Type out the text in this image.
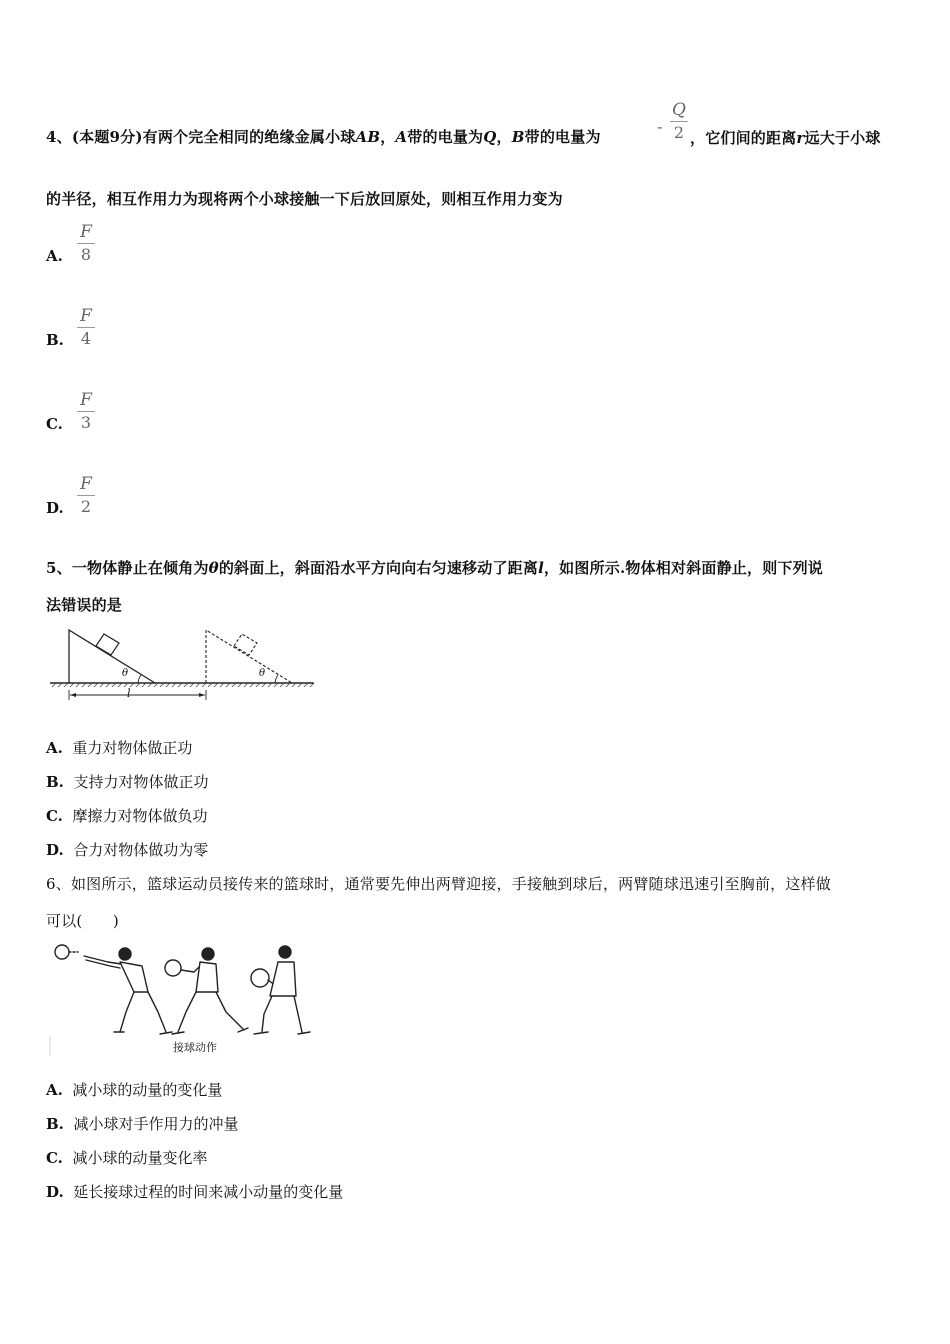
4、(本题9分)有两个完全相同的绝缘金属小球AB，A带的电量为Q，B带的电量为
-
Q
2 ，它们间的距离r远大于小球
的半径，相互作用力为现将两个小球接触一下后放回原处，则相互作用力变为
A.
F
8
B.
F
4
C.
F
3
D.
F
2
5、一物体静止在倾角为θ的斜面上，斜面沿水平方向向右匀速移动了距离l，如图所示.物体相对斜面静止，则下列说
法错误的是
θ	θ
l
A. 重力对物体做正功
B. 支持力对物体做正功
C. 摩擦力对物体做负功
D. 合力对物体做功为零
6、如图所示，篮球运动员接传来的篮球时，通常要先伸出两臂迎接，手接触到球后，两臂随球迅速引至胸前，这样做
可以(　　)
接球动作
A. 减小球的动量的变化量
B. 减小球对手作用力的冲量
C. 减小球的动量变化率
D. 延长接球过程的时间来减小动量的变化量
